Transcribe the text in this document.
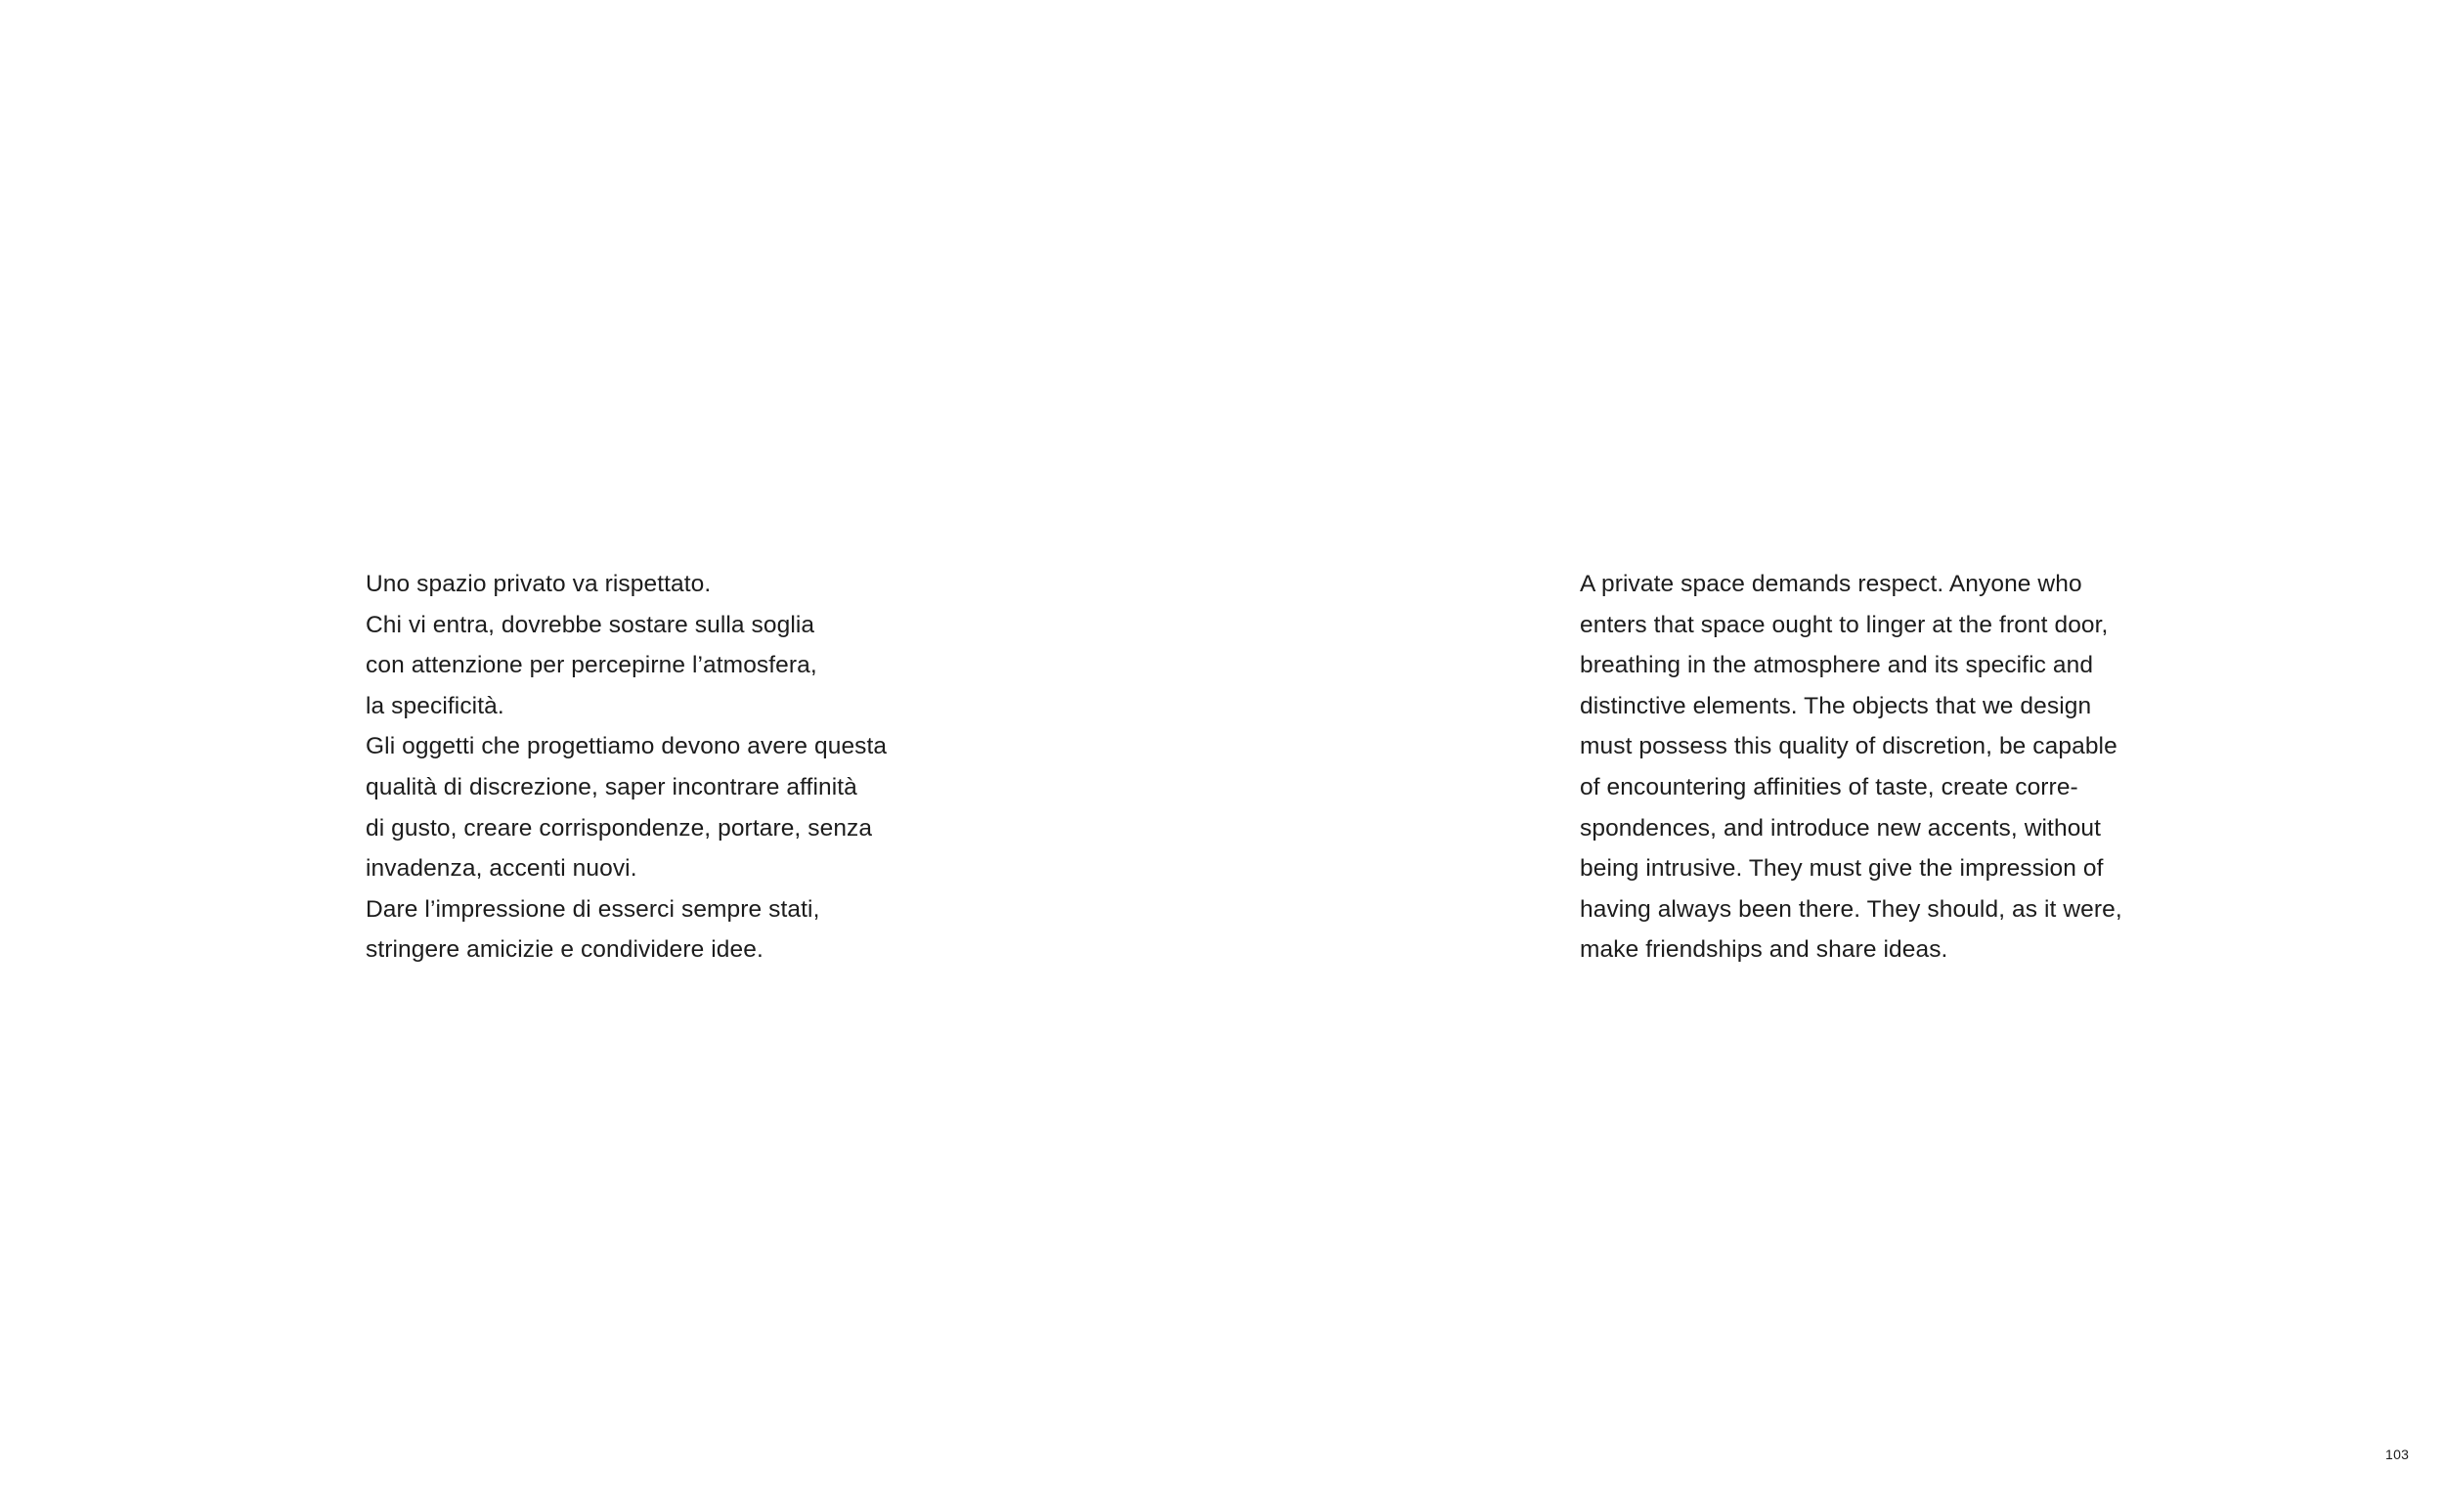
Uno spazio privato va rispettato.
Chi vi entra, dovrebbe sostare sulla soglia
con attenzione per percepirne l’atmosfera,
la specificità.
Gli oggetti che progettiamo devono avere questa
qualità di discrezione, saper incontrare affinità
di gusto, creare corrispondenze, portare, senza
invadenza, accenti nuovi.
Dare l’impressione di esserci sempre stati,
stringere amicizie e condividere idee.
A private space demands respect. Anyone who
enters that space ought to linger at the front door,
breathing in the atmosphere and its specific and
distinctive elements. The objects that we design
must possess this quality of discretion, be capable
of encountering affinities of taste, create corre-
spondences, and introduce new accents, without
being intrusive. They must give the impression of
having always been there. They should, as it were,
make friendships and share ideas.
103
